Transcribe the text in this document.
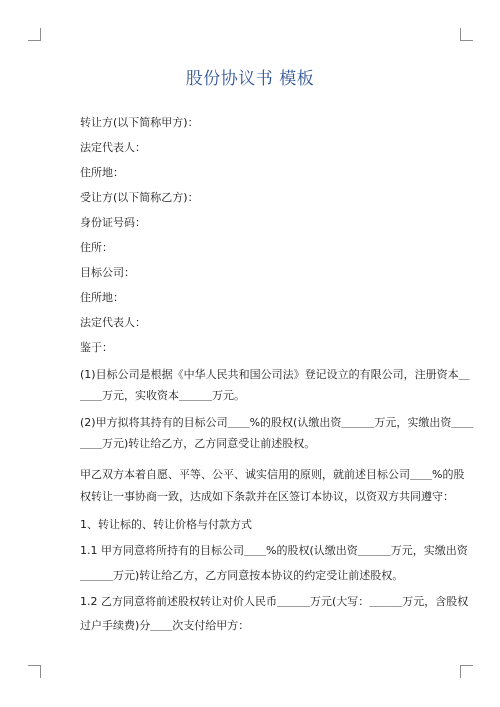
股份协议书 模板
转让方(以下简称甲方)：
法定代表人：
住所地：
受让方(以下简称乙方)：
身份证号码：
住所：
目标公司：
住所地：
法定代表人：
鉴于：
(1)目标公司是根据《中华人民共和国公司法》登记设立的有限公司，注册资本＿
＿＿万元，实收资本＿＿＿万元。
(2)甲方拟将其持有的目标公司＿＿%的股权(认缴出资＿＿＿万元，实缴出资＿＿
＿＿万元)转让给乙方，乙方同意受让前述股权。
甲乙双方本着自愿、平等、公平、诚实信用的原则，就前述目标公司＿＿%的股
权转让一事协商一致，达成如下条款并在区签订本协议，以资双方共同遵守：
1、转让标的、转让价格与付款方式
1.1 甲方同意将所持有的目标公司＿＿%的股权(认缴出资＿＿＿万元，实缴出资
＿＿＿万元)转让给乙方，乙方同意按本协议的约定受让前述股权。
1.2 乙方同意将前述股权转让对价人民币＿＿＿万元(大写：＿＿＿万元，含股权
过户手续费)分＿＿次支付给甲方：
